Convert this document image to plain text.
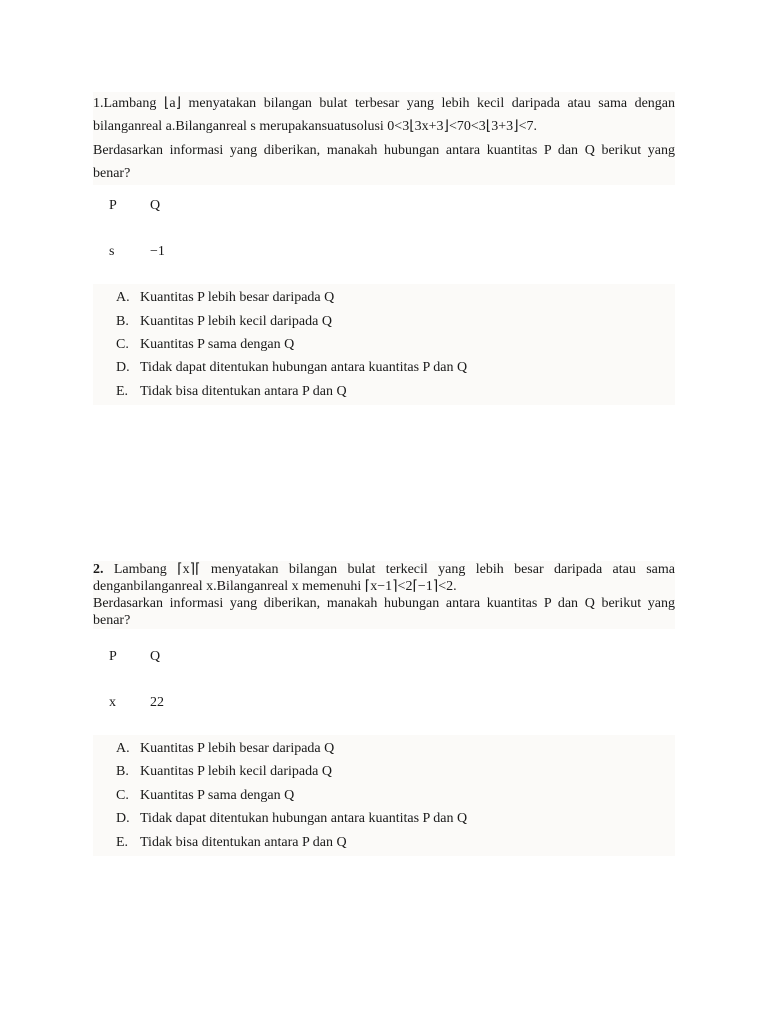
1.Lambang ⌊a⌋ menyatakan bilangan bulat terbesar yang lebih kecil daripada atau sama dengan bilanganreal a.Bilanganreal s merupakansuatusolusi 0<3⌊3x+3⌋<70<3⌊3+3⌋<7.

Berdasarkan informasi yang diberikan, manakah hubungan antara kuantitas P dan Q berikut yang benar?

P Q
s	−1
A. Kuantitas P lebih besar daripada Q
B. Kuantitas P lebih kecil daripada Q
C. Kuantitas P sama dengan Q
D. Tidak dapat ditentukan hubungan antara kuantitas P dan Q
E. Tidak bisa ditentukan antara P dan Q

2. Lambang ⌈x⌉⌈ menyatakan bilangan bulat terkecil yang lebih besar daripada atau sama denganbilanganreal x.Bilanganreal x memenuhi ⌈x−1⌉<2⌈−1⌉<2.

Berdasarkan informasi yang diberikan, manakah hubungan antara kuantitas P dan Q berikut yang benar?

P Q
x 22
A. Kuantitas P lebih besar daripada Q
B. Kuantitas P lebih kecil daripada Q
C. Kuantitas P sama dengan Q
D. Tidak dapat ditentukan hubungan antara kuantitas P dan Q
E. Tidak bisa ditentukan antara P dan Q
